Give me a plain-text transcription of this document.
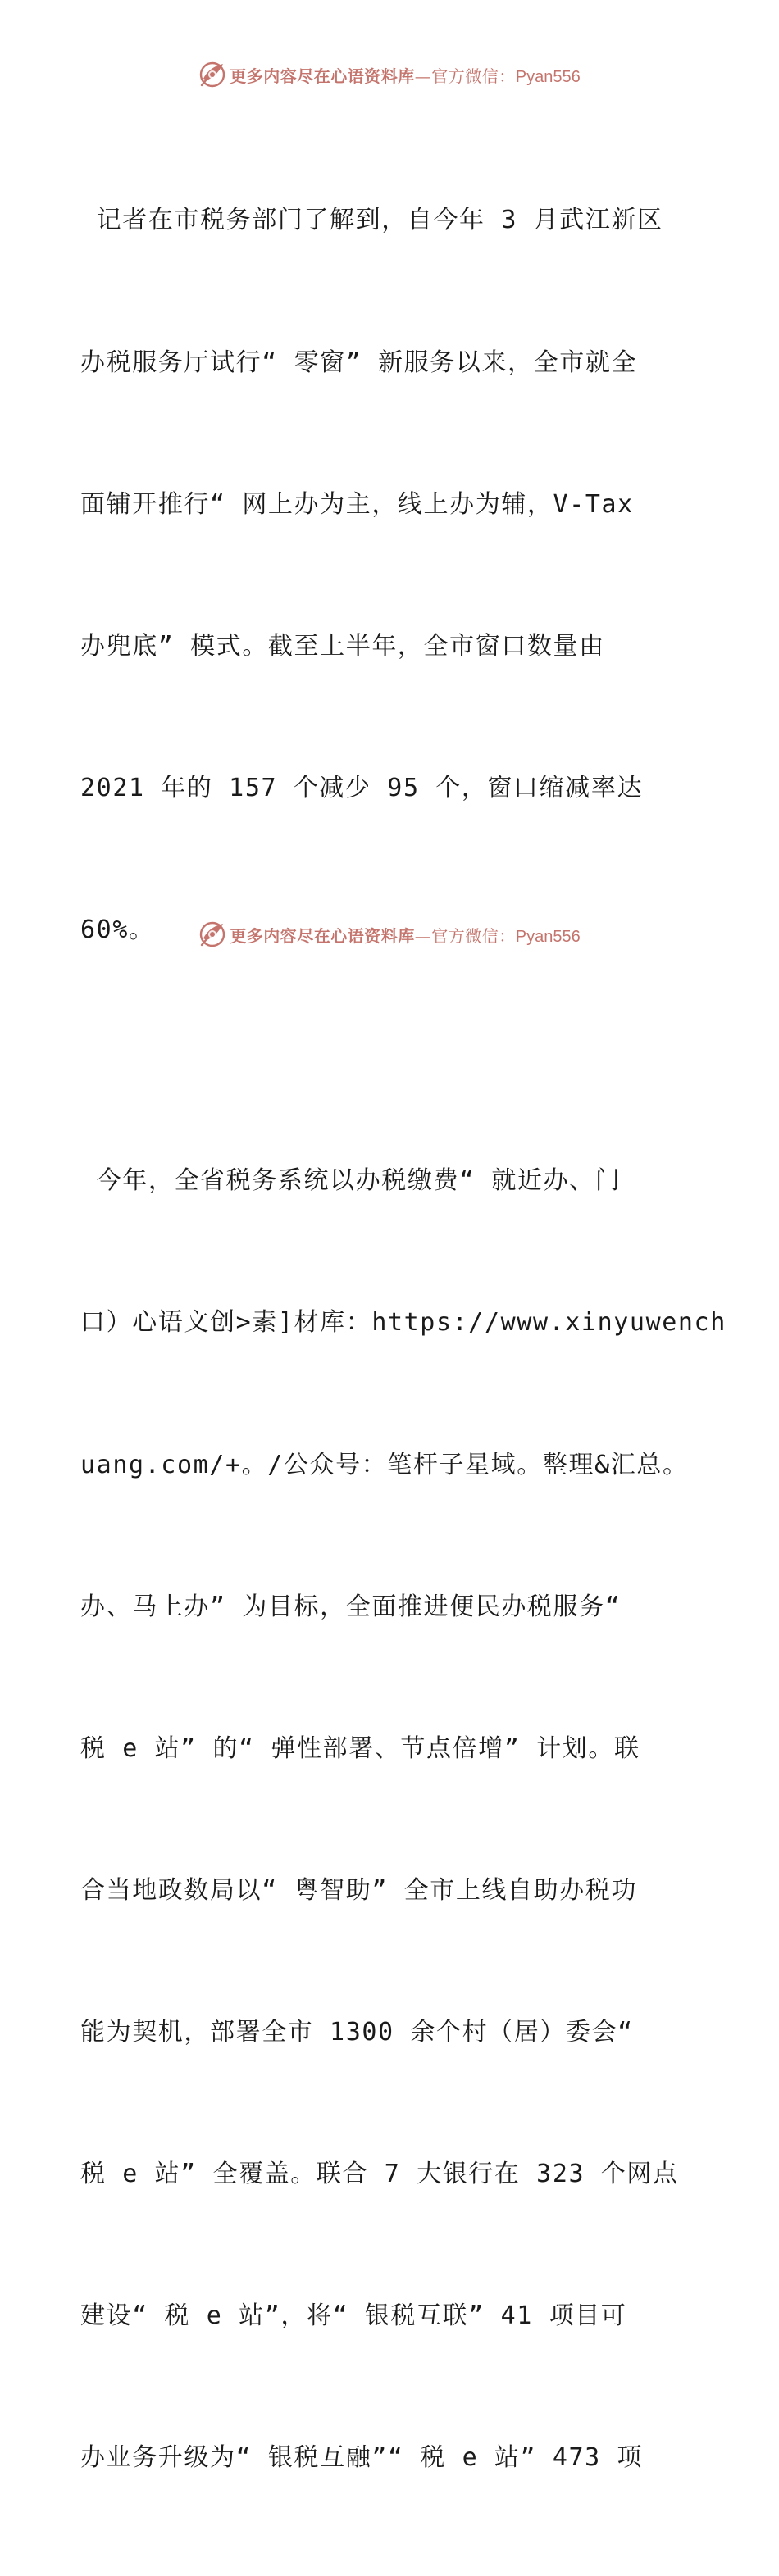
更多内容尽在心语资料库—官方微信：Pyan556

记者在市税务部门了解到，自今年 3 月武江新区

办税服务厅试行“ 零窗” 新服务以来，全市就全

面铺开推行“ 网上办为主，线上办为辅，V-Tax

办兜底” 模式。截至上半年，全市窗口数量由

2021 年的 157 个减少 95 个，窗口缩减率达

60%。

今年，全省税务系统以办税缴费“ 就近办、门

口）心语文创>素]材库：https://www.xinyuwench

uang.com/+。/公众号：笔杆子星域。整理&汇总。

办、马上办” 为目标，全面推进便民办税服务“

税 e 站” 的“ 弹性部署、节点倍增” 计划。联

合当地政数局以“ 粤智助” 全市上线自助办税功

能为契机，部署全市 1300 余个村（居）委会“

税 e 站” 全覆盖。联合 7 大银行在 323 个网点

建设“ 税 e 站”，将“ 银税互联” 41 项目可

办业务升级为“ 银税互融”“ 税 e 站” 473 项

更多内容尽在心语资料库—官方微信：Pyan556
